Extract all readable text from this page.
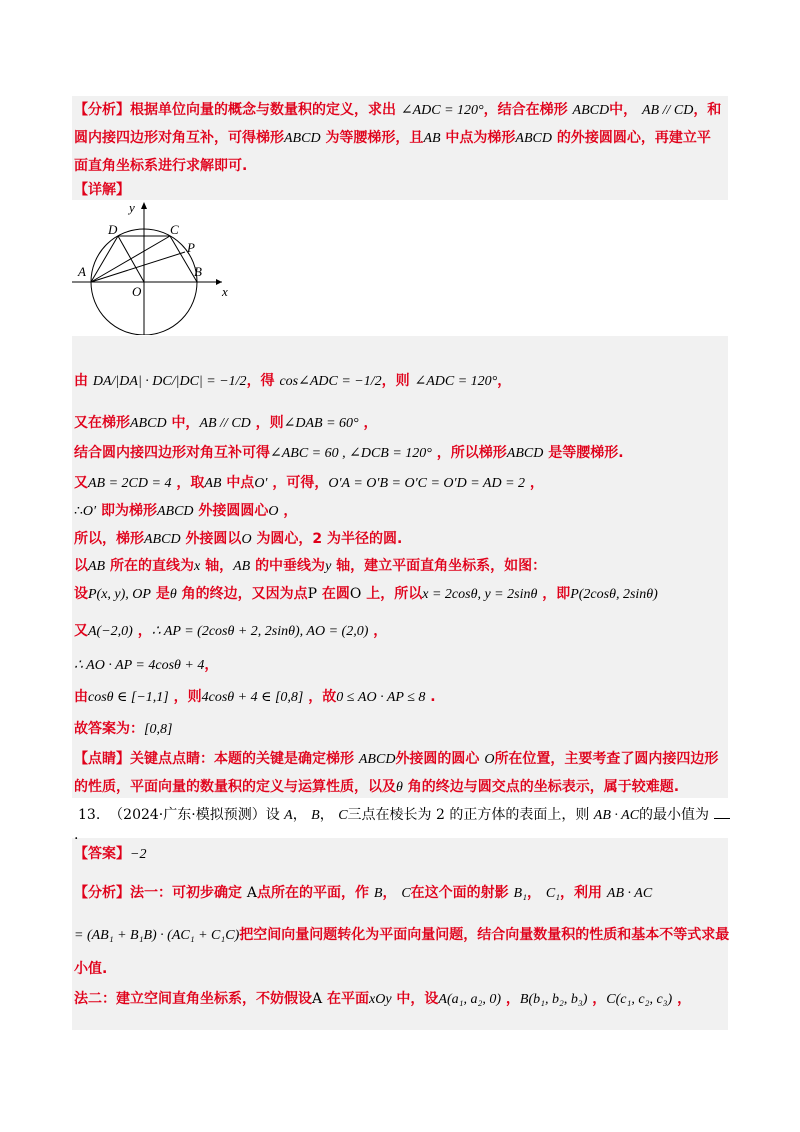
【分析】根据单位向量的概念与数量积的定义，求出 ∠ADC = 120°，结合在梯形 ABCD中， AB // CD，和
圆内接四边形对角互补，可得梯形ABCD 为等腰梯形，且AB 中点为梯形ABCD 的外接圆圆心，再建立平
面直角坐标系进行求解即可.
【详解】
y
x
D	C
P
A	B
O
由 DA/|DA| · DC/|DC| = −1/2，得 cos∠ADC = −1/2，则 ∠ADC = 120°，
又在梯形ABCD 中，AB // CD ，则∠DAB = 60° ，
结合圆内接四边形对角互补可得∠ABC = 60 , ∠DCB = 120° ，所以梯形ABCD 是等腰梯形.
又AB = 2CD = 4 ，取AB 中点O′ ，可得，O′A = O′B = O′C = O′D = AD = 2 ，
∴O′ 即为梯形ABCD 外接圆圆心O ，
所以，梯形ABCD 外接圆以O 为圆心，2 为半径的圆.
以AB 所在的直线为x 轴，AB 的中垂线为y 轴，建立平面直角坐标系，如图：
设P(x, y), OP 是θ 角的终边，又因为点P 在圆O 上，所以x = 2cosθ, y = 2sinθ ，即P(2cosθ, 2sinθ)
又A(−2,0) ，∴ AP = (2cosθ + 2, 2sinθ), AO = (2,0) ，
∴ AO · AP = 4cosθ + 4，
由cosθ ∈ [−1,1] ，则4cosθ + 4 ∈ [0,8] ，故0 ≤ AO · AP ≤ 8 .
故答案为：[0,8]
【点睛】关键点点睛：本题的关键是确定梯形 ABCD外接圆的圆心 O所在位置，主要考查了圆内接四边形
的性质，平面向量的数量积的定义与运算性质，以及θ 角的终边与圆交点的坐标表示，属于较难题.
13. （2024·广东·模拟预测）设 A， B， C三点在棱长为 2 的正方体的表面上，则 AB · AC的最小值为
.
【答案】−2
【分析】法一：可初步确定 A点所在的平面，作 B， C在这个面的射影 B₁， C₁，利用 AB · AC
= (AB₁ + B₁B) · (AC₁ + C₁C)把空间向量问题转化为平面向量问题，结合向量数量积的性质和基本不等式求最
小值.
法二：建立空间直角坐标系，不妨假设A 在平面xOy 中，设A(a₁, a₂, 0) ，B(b₁, b₂, b₃) ，C(c₁, c₂, c₃) ，
